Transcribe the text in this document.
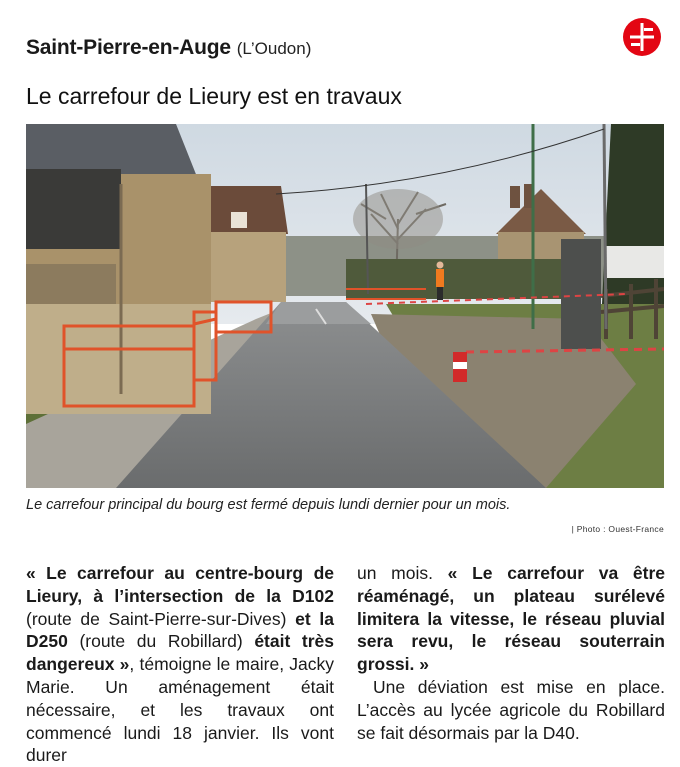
Saint-Pierre-en-Auge (L’Oudon)
Le carrefour de Lieury est en travaux
Le carrefour principal du bourg est fermé depuis lundi dernier pour un mois.
| Photo : Ouest-France

« Le carrefour au centre-bourg de Lieury, à l’intersection de la D102 (route de Saint-Pierre-sur-Dives) et la D250 (route du Robillard) était très dangereux », témoigne le maire, Jacky Marie. Un aménagement était nécessaire, et les travaux ont commencé lundi 18 janvier. Ils vont durer

un mois. « Le carrefour va être réaménagé, un plateau surélevé limitera la vitesse, le réseau pluvial sera revu, le réseau souterrain grossi. »

Une déviation est mise en place. L’accès au lycée agricole du Robillard se fait désormais par la D40.
